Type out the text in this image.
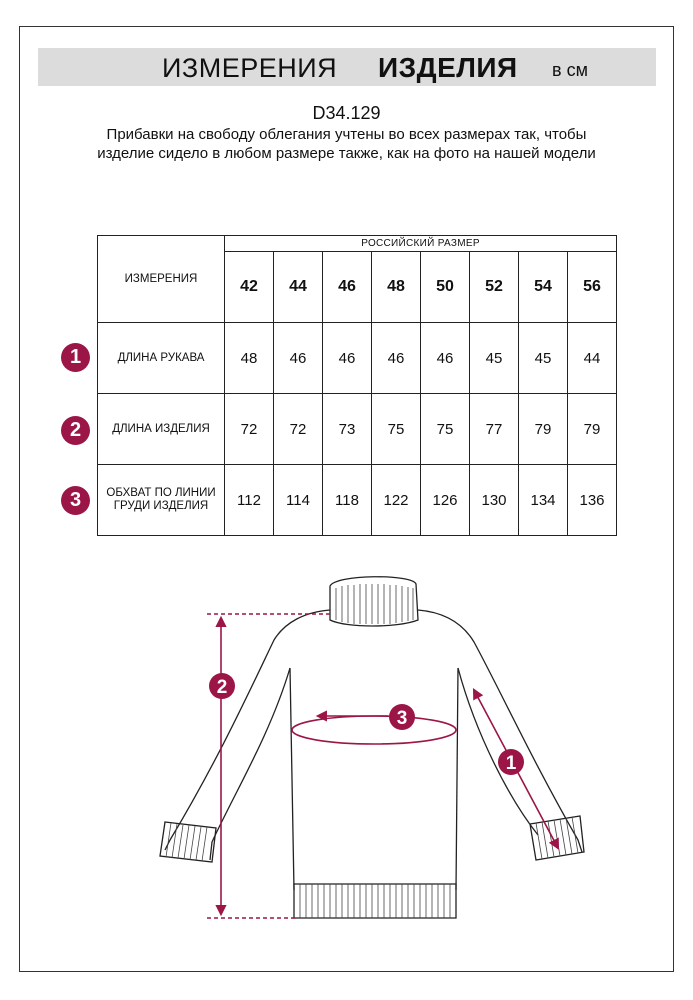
ИЗМЕРЕНИЯ ИЗДЕЛИЯ в см
D34.129
Прибавки на свободу облегания учтены во всех размерах так, чтобы изделие сидело в любом размере также, как на фото на нашей модели
ИЗМЕРЕНИЯ	РОССИЙСКИЙ РАЗМЕР							
	42	44	46	48	50	52	54	56
ДЛИНА РУКАВА	48	46	46	46	46	45	45	44
ДЛИНА ИЗДЕЛИЯ	72	72	73	75	75	77	79	79
ОБХВАТ ПО ЛИНИИ ГРУДИ ИЗДЕЛИЯ	112	114	118	122	126	130	134	136
1
2
3
2
3
1
